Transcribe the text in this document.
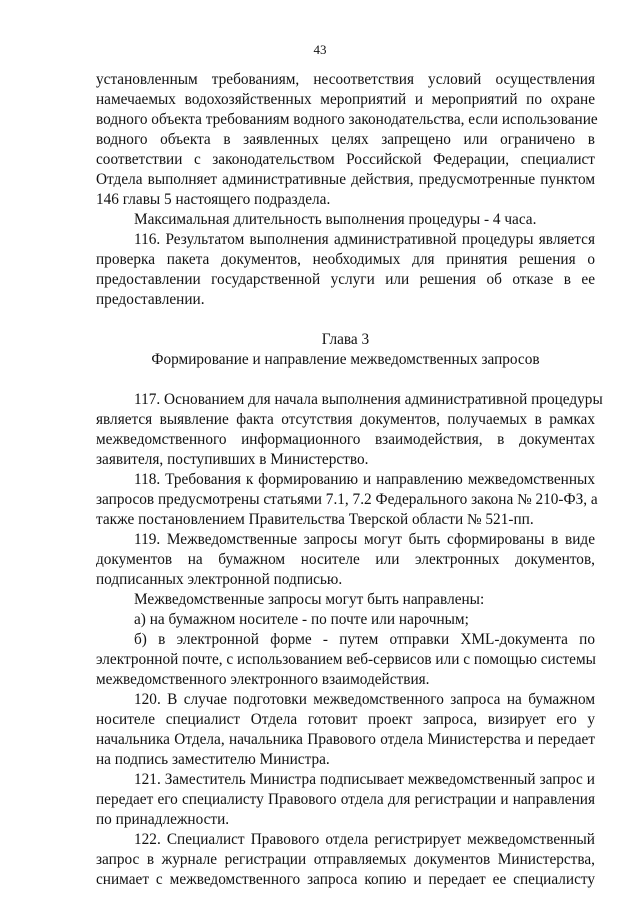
43
установленным требованиям, несоответствия условий осуществления
намечаемых водохозяйственных мероприятий и мероприятий по охране
водного объекта требованиям водного законодательства, если использование
водного объекта в заявленных целях запрещено или ограничено в
соответствии с законодательством Российской Федерации, специалист
Отдела выполняет административные действия, предусмотренные пунктом
146 главы 5 настоящего подраздела.
Максимальная длительность выполнения процедуры - 4 часа.
116. Результатом выполнения административной процедуры является
проверка пакета документов, необходимых для принятия решения о
предоставлении государственной услуги или решения об отказе в ее
предоставлении.
Глава 3
Формирование и направление межведомственных запросов
117. Основанием для начала выполнения административной процедуры
является выявление факта отсутствия документов, получаемых в рамках
межведомственного информационного взаимодействия, в документах
заявителя, поступивших в Министерство.
118. Требования к формированию и направлению межведомственных
запросов предусмотрены статьями 7.1, 7.2 Федерального закона № 210-ФЗ, а
также постановлением Правительства Тверской области № 521-пп.
119. Межведомственные запросы могут быть сформированы в виде
документов на бумажном носителе или электронных документов,
подписанных электронной подписью.
Межведомственные запросы могут быть направлены:
а) на бумажном носителе - по почте или нарочным;
б) в электронной форме - путем отправки XML-документа по
электронной почте, с использованием веб-сервисов или с помощью системы
межведомственного электронного взаимодействия.
120. В случае подготовки межведомственного запроса на бумажном
носителе специалист Отдела готовит проект запроса, визирует его у
начальника Отдела, начальника Правового отдела Министерства и передает
на подпись заместителю Министра.
121. Заместитель Министра подписывает межведомственный запрос и
передает его специалисту Правового отдела для регистрации и направления
по принадлежности.
122. Специалист Правового отдела регистрирует межведомственный
запрос в журнале регистрации отправляемых документов Министерства,
снимает с межведомственного запроса копию и передает ее специалисту
